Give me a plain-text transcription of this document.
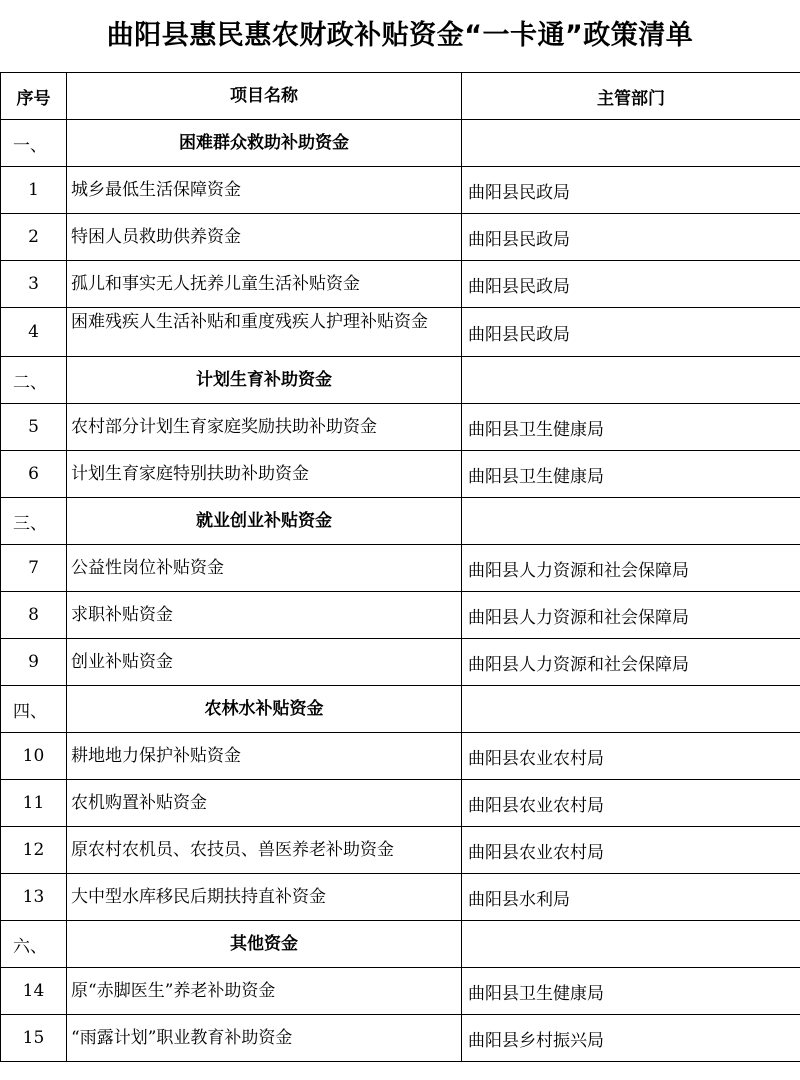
曲阳县惠民惠农财政补贴资金“一卡通”政策清单
序号	项目名称	主管部门
一、	困难群众救助补助资金	
1	城乡最低生活保障资金	曲阳县民政局
2	特困人员救助供养资金	曲阳县民政局
3	孤儿和事实无人抚养儿童生活补贴资金	曲阳县民政局
4	困难残疾人生活补贴和重度残疾人护理补贴资金	曲阳县民政局
二、	计划生育补助资金	
5	农村部分计划生育家庭奖励扶助补助资金	曲阳县卫生健康局
6	计划生育家庭特别扶助补助资金	曲阳县卫生健康局
三、	就业创业补贴资金	
7	公益性岗位补贴资金	曲阳县人力资源和社会保障局
8	求职补贴资金	曲阳县人力资源和社会保障局
9	创业补贴资金	曲阳县人力资源和社会保障局
四、	农林水补贴资金	
10	耕地地力保护补贴资金	曲阳县农业农村局
11	农机购置补贴资金	曲阳县农业农村局
12	原农村农机员、农技员、兽医养老补助资金	曲阳县农业农村局
13	大中型水库移民后期扶持直补资金	曲阳县水利局
六、	其他资金	
14	原“赤脚医生”养老补助资金	曲阳县卫生健康局
15	“雨露计划”职业教育补助资金	曲阳县乡村振兴局
